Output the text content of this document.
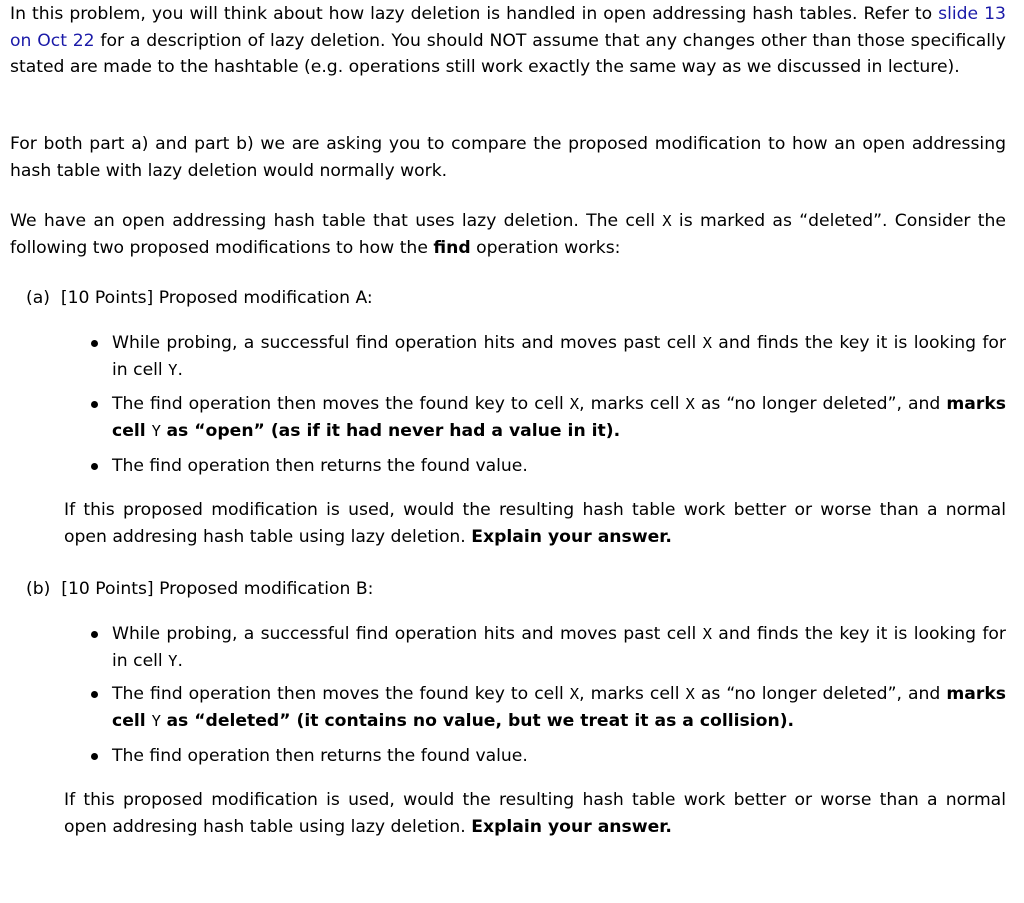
In this problem, you will think about how lazy deletion is handled in open addressing hash tables. Refer to slide 13 on Oct 22 for a description of lazy deletion. You should NOT assume that any changes other than those specifically stated are made to the hashtable (e.g. operations still work exactly the same way as we discussed in lecture).
For both part a) and part b) we are asking you to compare the proposed modification to how an open addressing hash table with lazy deletion would normally work.
We have an open addressing hash table that uses lazy deletion. The cell X is marked as “deleted”. Consider the following two proposed modifications to how the find operation works:
(a) [10 Points] Proposed modification A:
While probing, a successful find operation hits and moves past cell X and finds the key it is looking for in cell Y.
The find operation then moves the found key to cell X, marks cell X as “no longer deleted”, and marks cell Y as “open” (as if it had never had a value in it).
The find operation then returns the found value.
If this proposed modification is used, would the resulting hash table work better or worse than a normal open addresing hash table using lazy deletion. Explain your answer.
(b) [10 Points] Proposed modification B:
While probing, a successful find operation hits and moves past cell X and finds the key it is looking for in cell Y.
The find operation then moves the found key to cell X, marks cell X as “no longer deleted”, and marks cell Y as “deleted” (it contains no value, but we treat it as a collision).
The find operation then returns the found value.
If this proposed modification is used, would the resulting hash table work better or worse than a normal open addresing hash table using lazy deletion. Explain your answer.
